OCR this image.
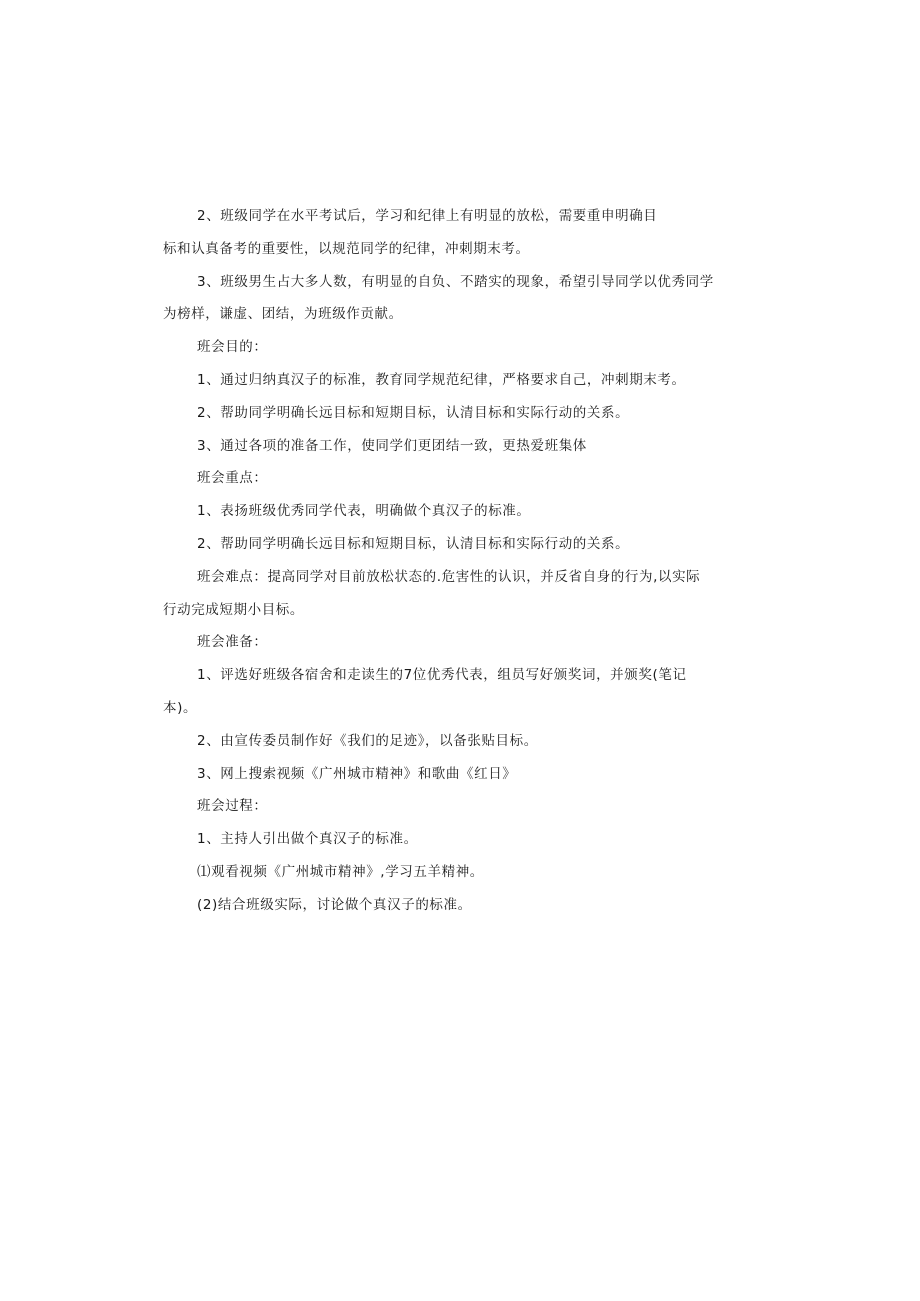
2、班级同学在水平考试后，学习和纪律上有明显的放松，需要重申明确目
标和认真备考的重要性，以规范同学的纪律，冲刺期末考。

3、班级男生占大多人数，有明显的自负、不踏实的现象，希望引导同学以优秀同学
为榜样，谦虚、团结，为班级作贡献。

班会目的：

1、通过归纳真汉子的标准，教育同学规范纪律，严格要求自己，冲刺期末考。

2、帮助同学明确长远目标和短期目标，认清目标和实际行动的关系。

3、通过各项的准备工作，使同学们更团结一致，更热爱班集体

班会重点：

1、表扬班级优秀同学代表，明确做个真汉子的标准。

2、帮助同学明确长远目标和短期目标，认清目标和实际行动的关系。

班会难点：提高同学对目前放松状态的.危害性的认识，并反省自身的行为,以实际
行动完成短期小目标。

班会准备：

1、评选好班级各宿舍和走读生的7位优秀代表，组员写好颁奖词，并颁奖(笔记
本)。

2、由宣传委员制作好《我们的足迹》，以备张贴目标。

3、网上搜索视频《广州城市精神》和歌曲《红日》

班会过程：

1、主持人引出做个真汉子的标准。

⑴观看视频《广州城市精神》,学习五羊精神。

(2)结合班级实际，讨论做个真汉子的标准。
